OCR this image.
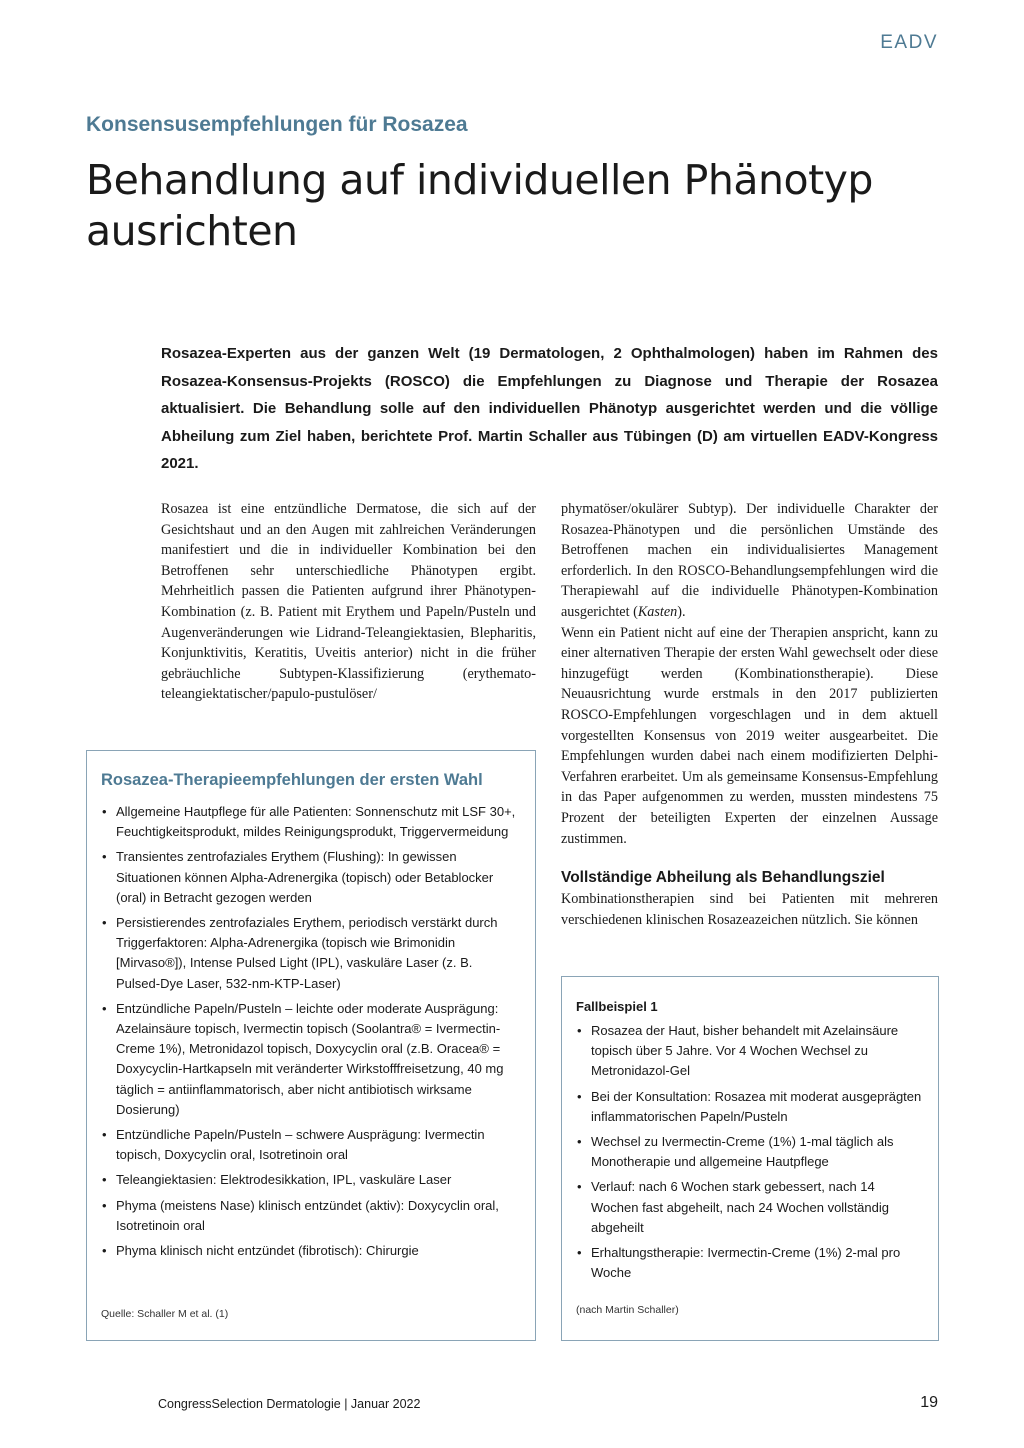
EADV
Konsensusempfehlungen für Rosazea
Behandlung auf individuellen Phänotyp ausrichten

Rosazea-Experten aus der ganzen Welt (19 Dermatologen, 2 Ophthalmologen) haben im Rahmen des Rosazea-Konsensus-Projekts (ROSCO) die Empfehlungen zu Diagnose und Therapie der Rosazea aktualisiert. Die Behandlung solle auf den individuellen Phänotyp ausgerichtet werden und die völlige Abheilung zum Ziel haben, berichtete Prof. Martin Schaller aus Tübingen (D) am virtuellen EADV-Kongress 2021.

Rosazea ist eine entzündliche Dermatose, die sich auf der Gesichtshaut und an den Augen mit zahlreichen Veränderungen manifestiert und die in individueller Kombination bei den Betroffenen sehr unterschiedliche Phänotypen ergibt. Mehrheitlich passen die Patienten aufgrund ihrer Phänotypen-Kombination (z. B. Patient mit Erythem und Papeln/Pusteln und Augenveränderungen wie Lidrand-Teleangiektasien, Blepharitis, Konjunktivitis, Keratitis, Uveitis anterior) nicht in die früher gebräuchliche Subtypen-Klassifizierung (erythemato-teleangiektatischer/papulo-pustulöser/

phymatöser/okulärer Subtyp). Der individuelle Charakter der Rosazea-Phänotypen und die persönlichen Umstände des Betroffenen machen ein individualisiertes Management erforderlich. In den ROSCO-Behandlungsempfehlungen wird die Therapiewahl auf die individuelle Phänotypen-Kombination ausgerichtet (Kasten).

Wenn ein Patient nicht auf eine der Therapien anspricht, kann zu einer alternativen Therapie der ersten Wahl gewechselt oder diese hinzugefügt werden (Kombinationstherapie). Diese Neuausrichtung wurde erstmals in den 2017 publizierten ROSCO-Empfehlungen vorgeschlagen und in dem aktuell vorgestellten Konsensus von 2019 weiter ausgearbeitet. Die Empfehlungen wurden dabei nach einem modifizierten Delphi-Verfahren erarbeitet. Um als gemeinsame Konsensus-Empfehlung in das Paper aufgenommen zu werden, mussten mindestens 75 Prozent der beteiligten Experten der einzelnen Aussage zustimmen.

Vollständige Abheilung als Behandlungsziel

Kombinationstherapien sind bei Patienten mit mehreren verschiedenen klinischen Rosazeazeichen nützlich. Sie können

Rosazea-Therapieempfehlungen der ersten Wahl
• Allgemeine Hautpflege für alle Patienten: Sonnenschutz mit LSF 30+, Feuchtigkeitsprodukt, mildes Reinigungsprodukt, Triggervermeidung
• Transientes zentrofaziales Erythem (Flushing): In gewissen Situationen können Alpha-Adrenergika (topisch) oder Betablocker (oral) in Betracht gezogen werden
• Persistierendes zentrofaziales Erythem, periodisch verstärkt durch Triggerfaktoren: Alpha-Adrenergika (topisch wie Brimonidin [Mirvaso®]), Intense Pulsed Light (IPL), vaskuläre Laser (z. B. Pulsed-Dye Laser, 532-nm-KTP-Laser)
• Entzündliche Papeln/Pusteln – leichte oder moderate Ausprägung: Azelainsäure topisch, Ivermectin topisch (Soolantra® = Ivermectin-Creme 1%), Metronidazol topisch, Doxycyclin oral (z.B. Oracea® = Doxycyclin-Hartkapseln mit veränderter Wirkstofffreisetzung, 40 mg täglich = antiinflammatorisch, aber nicht antibiotisch wirksame Dosierung)
• Entzündliche Papeln/Pusteln – schwere Ausprägung: Ivermectin topisch, Doxycyclin oral, Isotretinoin oral
• Teleangiektasien: Elektrodesikkation, IPL, vaskuläre Laser
• Phyma (meistens Nase) klinisch entzündet (aktiv): Doxycyclin oral, Isotretinoin oral
• Phyma klinisch nicht entzündet (fibrotisch): Chirurgie
Quelle: Schaller M et al. (1)
Fallbeispiel 1
• Rosazea der Haut, bisher behandelt mit Azelainsäure topisch über 5 Jahre. Vor 4 Wochen Wechsel zu Metronidazol-Gel
• Bei der Konsultation: Rosazea mit moderat ausgeprägten inflammatorischen Papeln/Pusteln
• Wechsel zu Ivermectin-Creme (1%) 1-mal täglich als Monotherapie und allgemeine Hautpflege
• Verlauf: nach 6 Wochen stark gebessert, nach 14 Wochen fast abgeheilt, nach 24 Wochen vollständig abgeheilt
• Erhaltungstherapie: Ivermectin-Creme (1%) 2-mal pro Woche
(nach Martin Schaller)
CongressSelection Dermatologie | Januar 2022	19
